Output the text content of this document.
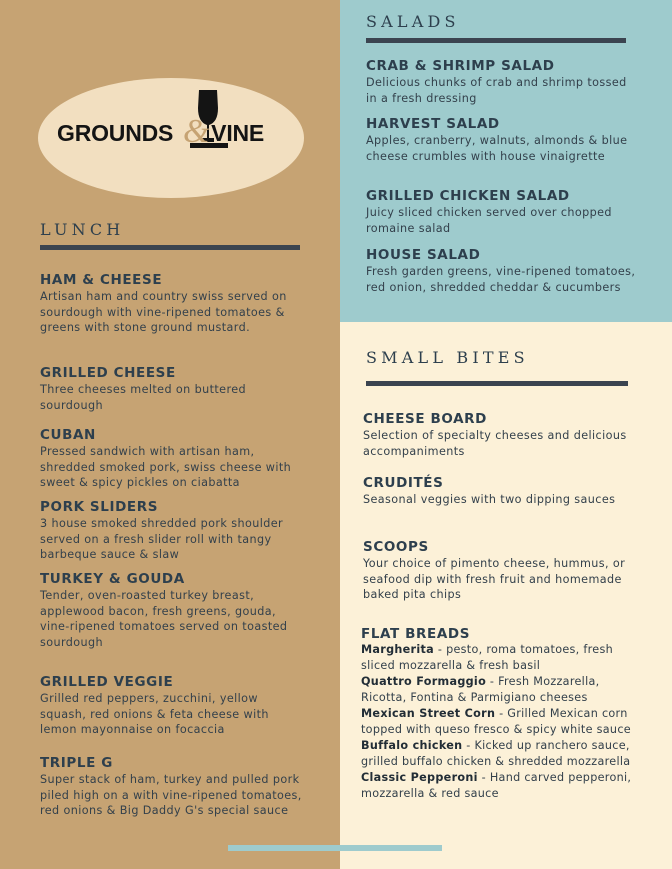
GROUNDS VINE
&
LUNCH
HAM & CHEESE
Artisan ham and country swiss served on sourdough with vine-ripened tomatoes & greens with stone ground mustard.
GRILLED CHEESE
Three cheeses melted on buttered sourdough
CUBAN
Pressed sandwich with artisan ham, shredded smoked pork, swiss cheese with sweet & spicy pickles on ciabatta
PORK SLIDERS
3 house smoked shredded pork shoulder served on a fresh slider roll with tangy barbeque sauce & slaw
TURKEY & GOUDA
Tender, oven-roasted turkey breast, applewood bacon, fresh greens, gouda, vine-ripened tomatoes served on toasted sourdough
GRILLED VEGGIE
Grilled red peppers, zucchini, yellow squash, red onions & feta cheese with lemon mayonnaise on focaccia
TRIPLE G
Super stack of ham, turkey and pulled pork piled high on a with vine-ripened tomatoes, red onions & Big Daddy G's special sauce
SALADS
CRAB & SHRIMP SALAD
Delicious chunks of crab and shrimp tossed in a fresh dressing
HARVEST SALAD
Apples, cranberry, walnuts, almonds & blue cheese crumbles with house vinaigrette
GRILLED CHICKEN SALAD
Juicy sliced chicken served over chopped romaine salad
HOUSE SALAD
Fresh garden greens, vine-ripened tomatoes, red onion, shredded cheddar & cucumbers
SMALL BITES
CHEESE BOARD
Selection of specialty cheeses and delicious accompaniments
CRUDITÉS
Seasonal veggies with two dipping sauces
SCOOPS
Your choice of pimento cheese, hummus, or seafood dip with fresh fruit and homemade baked pita chips
FLAT BREADS
Margherita - pesto, roma tomatoes, fresh sliced mozzarella & fresh basil
Quattro Formaggio - Fresh Mozzarella, Ricotta, Fontina & Parmigiano cheeses
Mexican Street Corn - Grilled Mexican corn topped with queso fresco & spicy white sauce
Buffalo chicken - Kicked up ranchero sauce, grilled buffalo chicken & shredded mozzarella
Classic Pepperoni - Hand carved pepperoni, mozzarella & red sauce
